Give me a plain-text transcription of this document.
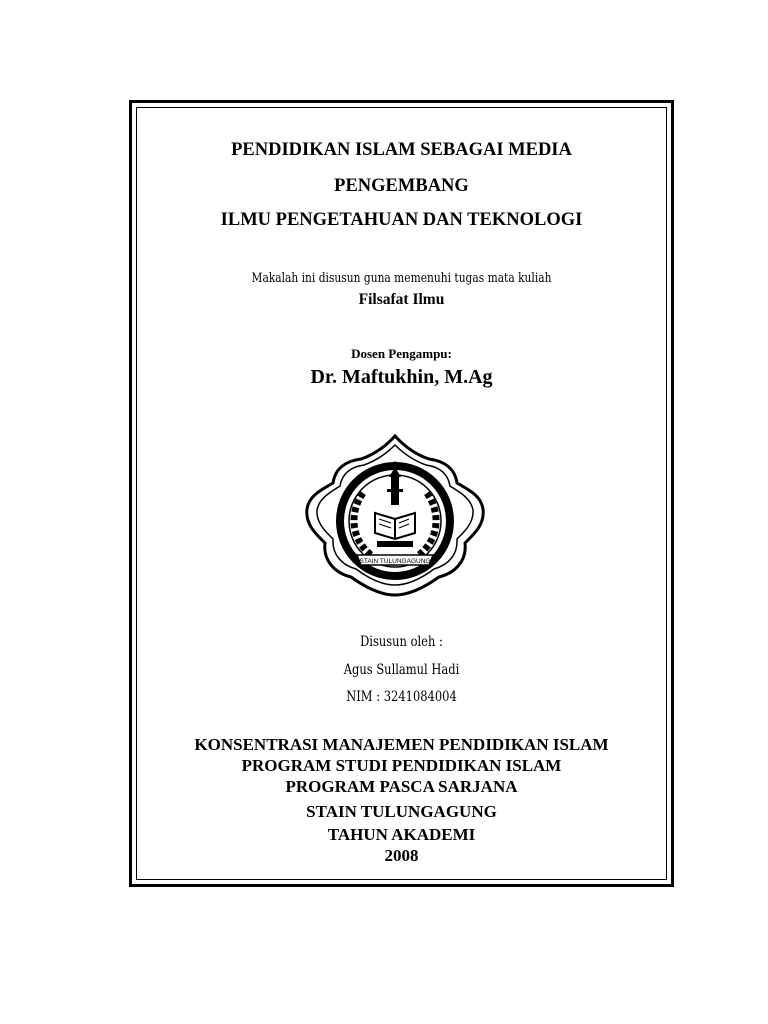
PENDIDIKAN ISLAM SEBAGAI MEDIA
PENGEMBANG
ILMU PENGETAHUAN DAN TEKNOLOGI
Makalah ini disusun guna memenuhi tugas mata kuliah
Filsafat Ilmu
Dosen Pengampu:
Dr. Maftukhin, M.Ag
STAIN TULUNGAGUNG
Disusun oleh :
Agus Sullamul Hadi
NIM : 3241084004
KONSENTRASI MANAJEMEN PENDIDIKAN ISLAM
PROGRAM STUDI PENDIDIKAN ISLAM
PROGRAM PASCA SARJANA
STAIN TULUNGAGUNG
TAHUN AKADEMI
2008
